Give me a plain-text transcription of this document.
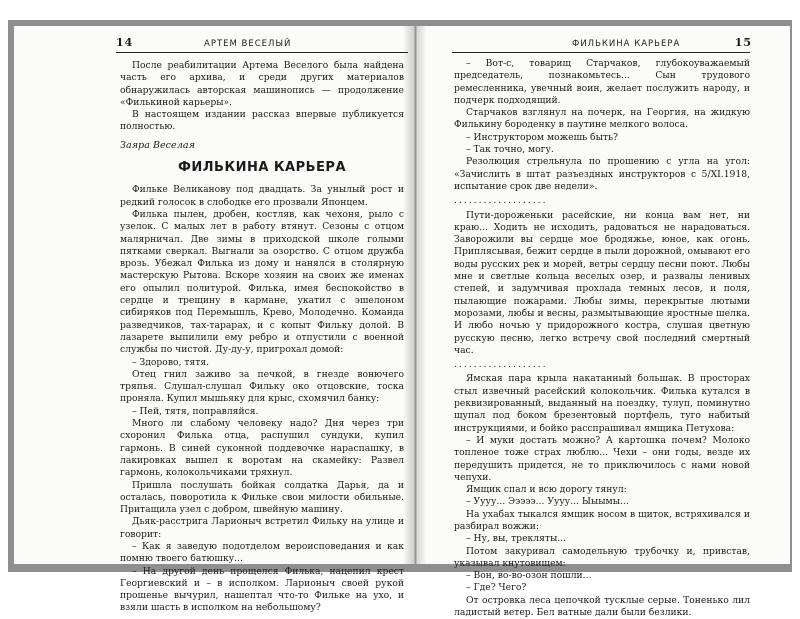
14	АРТЕМ ВЕСЕЛЫЙ	ФИЛЬКИНА КАРЬЕРА	15

После реабилитации Артема Веселого была найдена часть его архива, и среди других материалов обнаружилась авторская машинопись — продолжение «Филькиной карьеры».

В настоящем издании рассказ впервые публикуется полностью.

Заяра Веселая

ФИЛЬКИНА КАРЬЕРА

Фильке Великанову под двадцать. За унылый рост и редкий голосок в слободке его прозвали Японцем.

Филька пылен, дробен, костляв, как чехоня, рыло с узелок. С малых лет в работу втянут. Сезоны с отцом малярничал. Две зимы в приходской школе голыми пятками сверкал. Выгнали за озорство. С отцом дружба врозь. Убежал Филька из дому и нанялся в столярную мастерскую Рытова. Вскоре хозяин на своих же именах его опылил политурой. Филька, имея беспокойство в сердце и трещину в кармане, укатил с эшелоном сибиряков под Перемышль, Крево, Молодечно. Команда разведчиков, тах-тарарах, и с копыт Фильку долой. В лазарете выпилили ему ребро и отпустили с военной службы по чистой. Ду-ду-у, пригрохал домой:

– Здорово, тятя.

Отец гнил заживо за печкой, в гнезде вонючего тряпья. Слушал-слушал Фильку око отцовские, тоска проняла. Купил мышьяку для крыс, схомячил банку:

– Пей, тятя, поправляйся.

Много ли слабому человеку надо? Дня через три схоронил Филька отца, распушил сундуки, купил гармонь. В синей суконной поддевочке нараспашку, в лакировках вышел к воротам на скамейку: Развел гармонь, колокольчиками тряхнул.

Пришла послушать бойкая солдатка Дарья, да и осталась, поворотила к Фильке свои милости обильные. Притащила узел с добром, швейную машину.

Дьяк-расстрига Ларионыч встретил Фильку на улице и говорит:

– Как я заведую подотделом вероисповедания и как помню твоего батюшку...

– На другой день прощелся Филька, нацепил крест Георгиевский и – в исполком. Ларионыч своей рукой прошенье вычурил, нашептал что-то Фильке на ухо, и взяли шасть в исполком на небольшому?

– Вот-с, товарищ Старчаков, глубокоуважаемый председатель, познакомьтесь... Сын трудового ремесленника, увечный воин, желает послужить народу, и подчерк подходящий.

Старчаков взглянул на почерк, на Георгия, на жидкую Филькину бороденку в паутине мелкого волоса.

– Инструктором можешь быть?

– Так точно, могу.

Резолюция стрельнула по прошению с угла на угол: «Зачислить в штат разъездных инструкторов с 5/XI.1918, испытание срок две недели».

...................

Пути-дороженьки расейские, ни конца вам нет, ни краю... Ходить не исходить, радоваться не нарадоваться. Заворожили вы сердце мое бродяжье, юное, как огонь. Приплясывая, бежит сердце в пыли дорожной, омывают его воды русских рек и морей, ветры сердцу песни поют. Любы мне и светлые кольца веселых озер, и развалы ленивых степей, и задумчивая прохлада темных лесов, и поля, пылающие пожарами. Любы зимы, перекрытые лютыми морозами, любы и весны, размытывающие яростные шелка. И любо ночью у придорожного костра, слушая цветную русскую песню, легко встречу свой последний смертный час.

...................

Ямская пара крыла накатанный большак. В просторах стыл извечный расейский колокольчик. Филька кутался в реквизированный, выданный на поездку, тулуп, поминутно щупал под боком брезентовый портфель, туго набитый инструкциями, и бойко расспрашивал ямщика Петухова:

– И муки достать можно? А картошка почем? Молоко топленое тоже страх люблю... Чехи – они годы, везде их передушить придется, не то приключилось с нами новой чепухи.

Ямщик спал и всю дорогу тянул:

– Уууу... Эээээ... Уууу... Ыыымы...

На ухабах тыкался ямщик носом в щиток, встряхивался и разбирал вожжи:

– Ну, вы, трекляты...

Потом закуривал самодельную трубочку и, привстав, указывал кнутовищем:

– Вон, во-во-озон пошли...

– Где? Чего?

От островка леса цепочкой тусклые серые. Тоненько лил ладистый ветер. Бел ватные дали были безлики.
